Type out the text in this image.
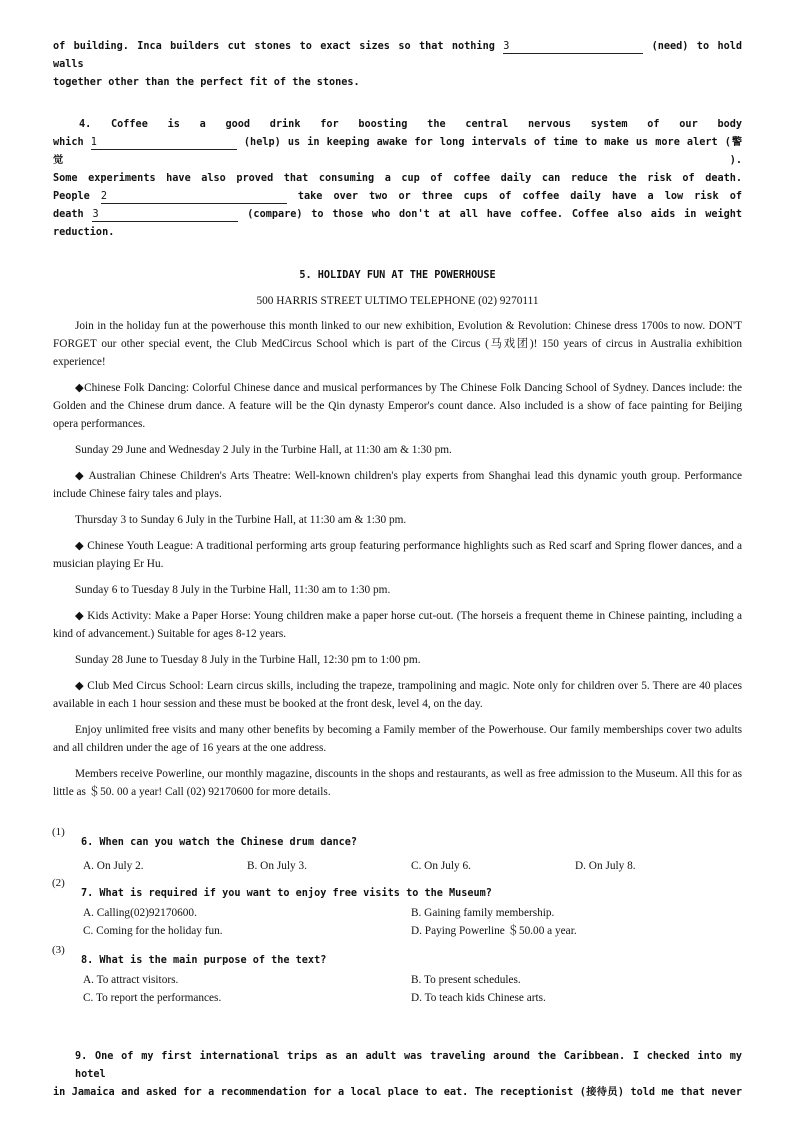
of building. Inca builders cut stones to exact sizes so that nothing 3	(need) to hold walls
together other than the perfect fit of the stones.
4. Coffee is a good drink for boosting the central nervous system of our body
which 1	(help) us in keeping awake for long intervals of time to make us more alert (警觉).
Some experiments have also proved that consuming a cup of coffee daily can reduce the risk of death.
People 2	take over two or three cups of coffee daily have a low risk of
death 3	(compare) to those who don't at all have coffee. Coffee also aids in weight
reduction.
5. HOLIDAY FUN AT THE POWERHOUSE
500 HARRIS STREET ULTIMO TELEPHONE (02) 9270111

Join in the holiday fun at the powerhouse this month linked to our new exhibition, Evolution & Revolution: Chinese dress 1700s to now. DON'T FORGET our other special event, the Club MedCircus School which is part of the Circus (马戏团)! 150 years of circus in Australia exhibition experience!

◆Chinese Folk Dancing: Colorful Chinese dance and musical performances by The Chinese Folk Dancing School of Sydney. Dances include: the Golden and the Chinese drum dance. A feature will be the Qin dynasty Emperor's count dance. Also included is a show of face painting for Beijing opera performances.

Sunday 29 June and Wednesday 2 July in the Turbine Hall, at 11:30 am & 1:30 pm.

◆ Australian Chinese Children's Arts Theatre: Well-known children's play experts from Shanghai lead this dynamic youth group. Performance include Chinese fairy tales and plays.

Thursday 3 to Sunday 6 July in the Turbine Hall, at 11:30 am & 1:30 pm.

◆ Chinese Youth League: A traditional performing arts group featuring performance highlights such as Red scarf and Spring flower dances, and a musician playing Er Hu.

Sunday 6 to Tuesday 8 July in the Turbine Hall, 11:30 am to 1:30 pm.

◆ Kids Activity: Make a Paper Horse: Young children make a paper horse cut-out. (The horseis a frequent theme in Chinese painting, including a kind of advancement.) Suitable for ages 8-12 years.

Sunday 28 June to Tuesday 8 July in the Turbine Hall, 12:30 pm to 1:00 pm.

◆ Club Med Circus School: Learn circus skills, including the trapeze, trampolining and magic. Note only for children over 5. There are 40 places available in each 1 hour session and these must be booked at the front desk, level 4, on the day.

Enjoy unlimited free visits and many other benefits by becoming a Family member of the Powerhouse. Our family memberships cover two adults and all children under the age of 16 years at the one address.

Members receive Powerline, our monthly magazine, discounts in the shops and restaurants, as well as free admission to the Museum. All this for as little as ＄50. 00 a year! Call (02) 92170600 for more details.

(1)
$_{6. When can you watch the Chinese drum dance?}$
A. On July 2.	B. On July 3.	C. On July 6.	D. On July 8.
(2)
$_{7. What is required if you want to enjoy free visits to the Museum?}$
A. Calling(02)92170600.	B. Gaining family membership.
C. Coming for the holiday fun.	D. Paying Powerline ＄50.00 a year.
(3)
$_{8. What is the main purpose of the text?}$
A. To attract visitors.	B. To present schedules.
C. To report the performances.	D. To teach kids Chinese arts.
9. One of my first international trips as an adult was traveling around the Caribbean. I checked into my hotel
in Jamaica and asked for a recommendation for a local place to eat. The receptionist (接待员) told me that never
